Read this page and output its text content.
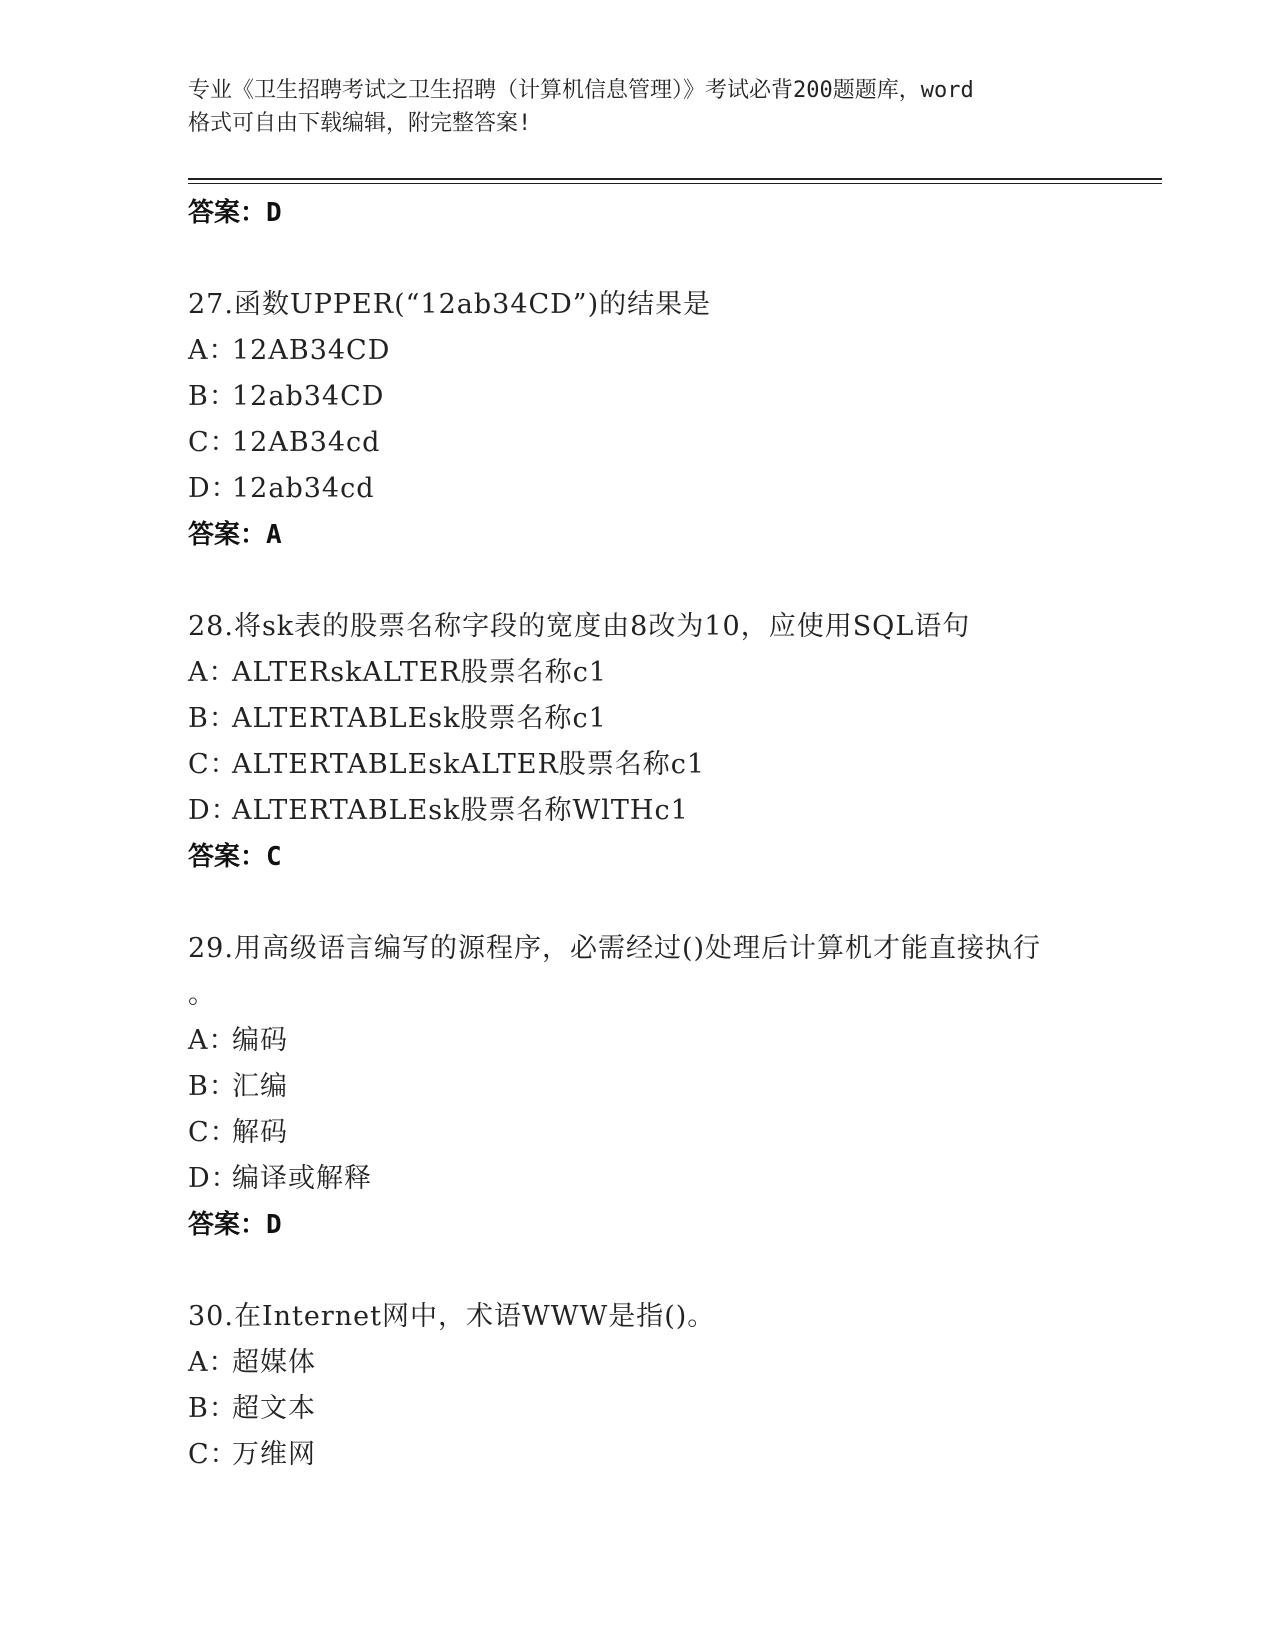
专业《卫生招聘考试之卫生招聘（计算机信息管理）》考试必背200题题库，word
格式可自由下载编辑，附完整答案!
答案：D
27.函数UPPER(“12ab34CD”)的结果是
A：12AB34CD
B：12ab34CD
C：12AB34cd
D：12ab34cd
答案：A
28.将sk表的股票名称字段的宽度由8改为10，应使用SQL语句
A：ALTERskALTER股票名称c1
B：ALTERTABLEsk股票名称c1
C：ALTERTABLEskALTER股票名称c1
D：ALTERTABLEsk股票名称WlTHc1
答案：C
29.用高级语言编写的源程序，必需经过()处理后计算机才能直接执行
。
A：编码
B：汇编
C：解码
D：编译或解释
答案：D
30.在Internet网中，术语WWW是指()。
A：超媒体
B：超文本
C：万维网
